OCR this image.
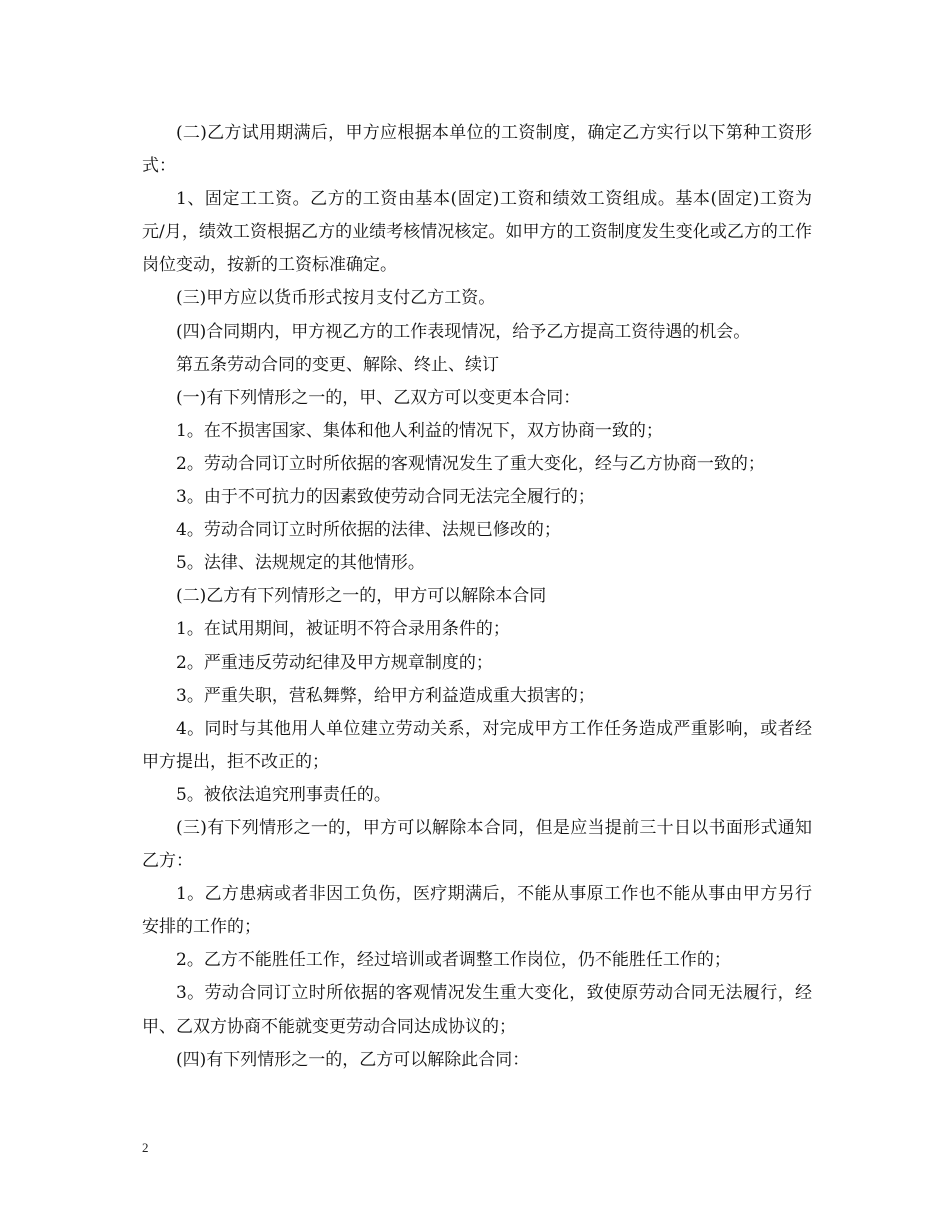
(二)乙方试用期满后，甲方应根据本单位的工资制度，确定乙方实行以下第种工资形式：

1、固定工工资。乙方的工资由基本(固定)工资和绩效工资组成。基本(固定)工资为元/月，绩效工资根据乙方的业绩考核情况核定。如甲方的工资制度发生变化或乙方的工作岗位变动，按新的工资标准确定。

(三)甲方应以货币形式按月支付乙方工资。

(四)合同期内，甲方视乙方的工作表现情况，给予乙方提高工资待遇的机会。

第五条劳动合同的变更、解除、终止、续订

(一)有下列情形之一的，甲、乙双方可以变更本合同：

1。在不损害国家、集体和他人利益的情况下，双方协商一致的；

2。劳动合同订立时所依据的客观情况发生了重大变化，经与乙方协商一致的；

3。由于不可抗力的因素致使劳动合同无法完全履行的；

4。劳动合同订立时所依据的法律、法规已修改的；

5。法律、法规规定的其他情形。

(二)乙方有下列情形之一的，甲方可以解除本合同

1。在试用期间，被证明不符合录用条件的；

2。严重违反劳动纪律及甲方规章制度的；

3。严重失职，营私舞弊，给甲方利益造成重大损害的；

4。同时与其他用人单位建立劳动关系，对完成甲方工作任务造成严重影响，或者经甲方提出，拒不改正的；

5。被依法追究刑事责任的。

(三)有下列情形之一的，甲方可以解除本合同，但是应当提前三十日以书面形式通知乙方：

1。乙方患病或者非因工负伤，医疗期满后，不能从事原工作也不能从事由甲方另行安排的工作的；

2。乙方不能胜任工作，经过培训或者调整工作岗位，仍不能胜任工作的；

3。劳动合同订立时所依据的客观情况发生重大变化，致使原劳动合同无法履行，经甲、乙双方协商不能就变更劳动合同达成协议的；

(四)有下列情形之一的，乙方可以解除此合同：

2
